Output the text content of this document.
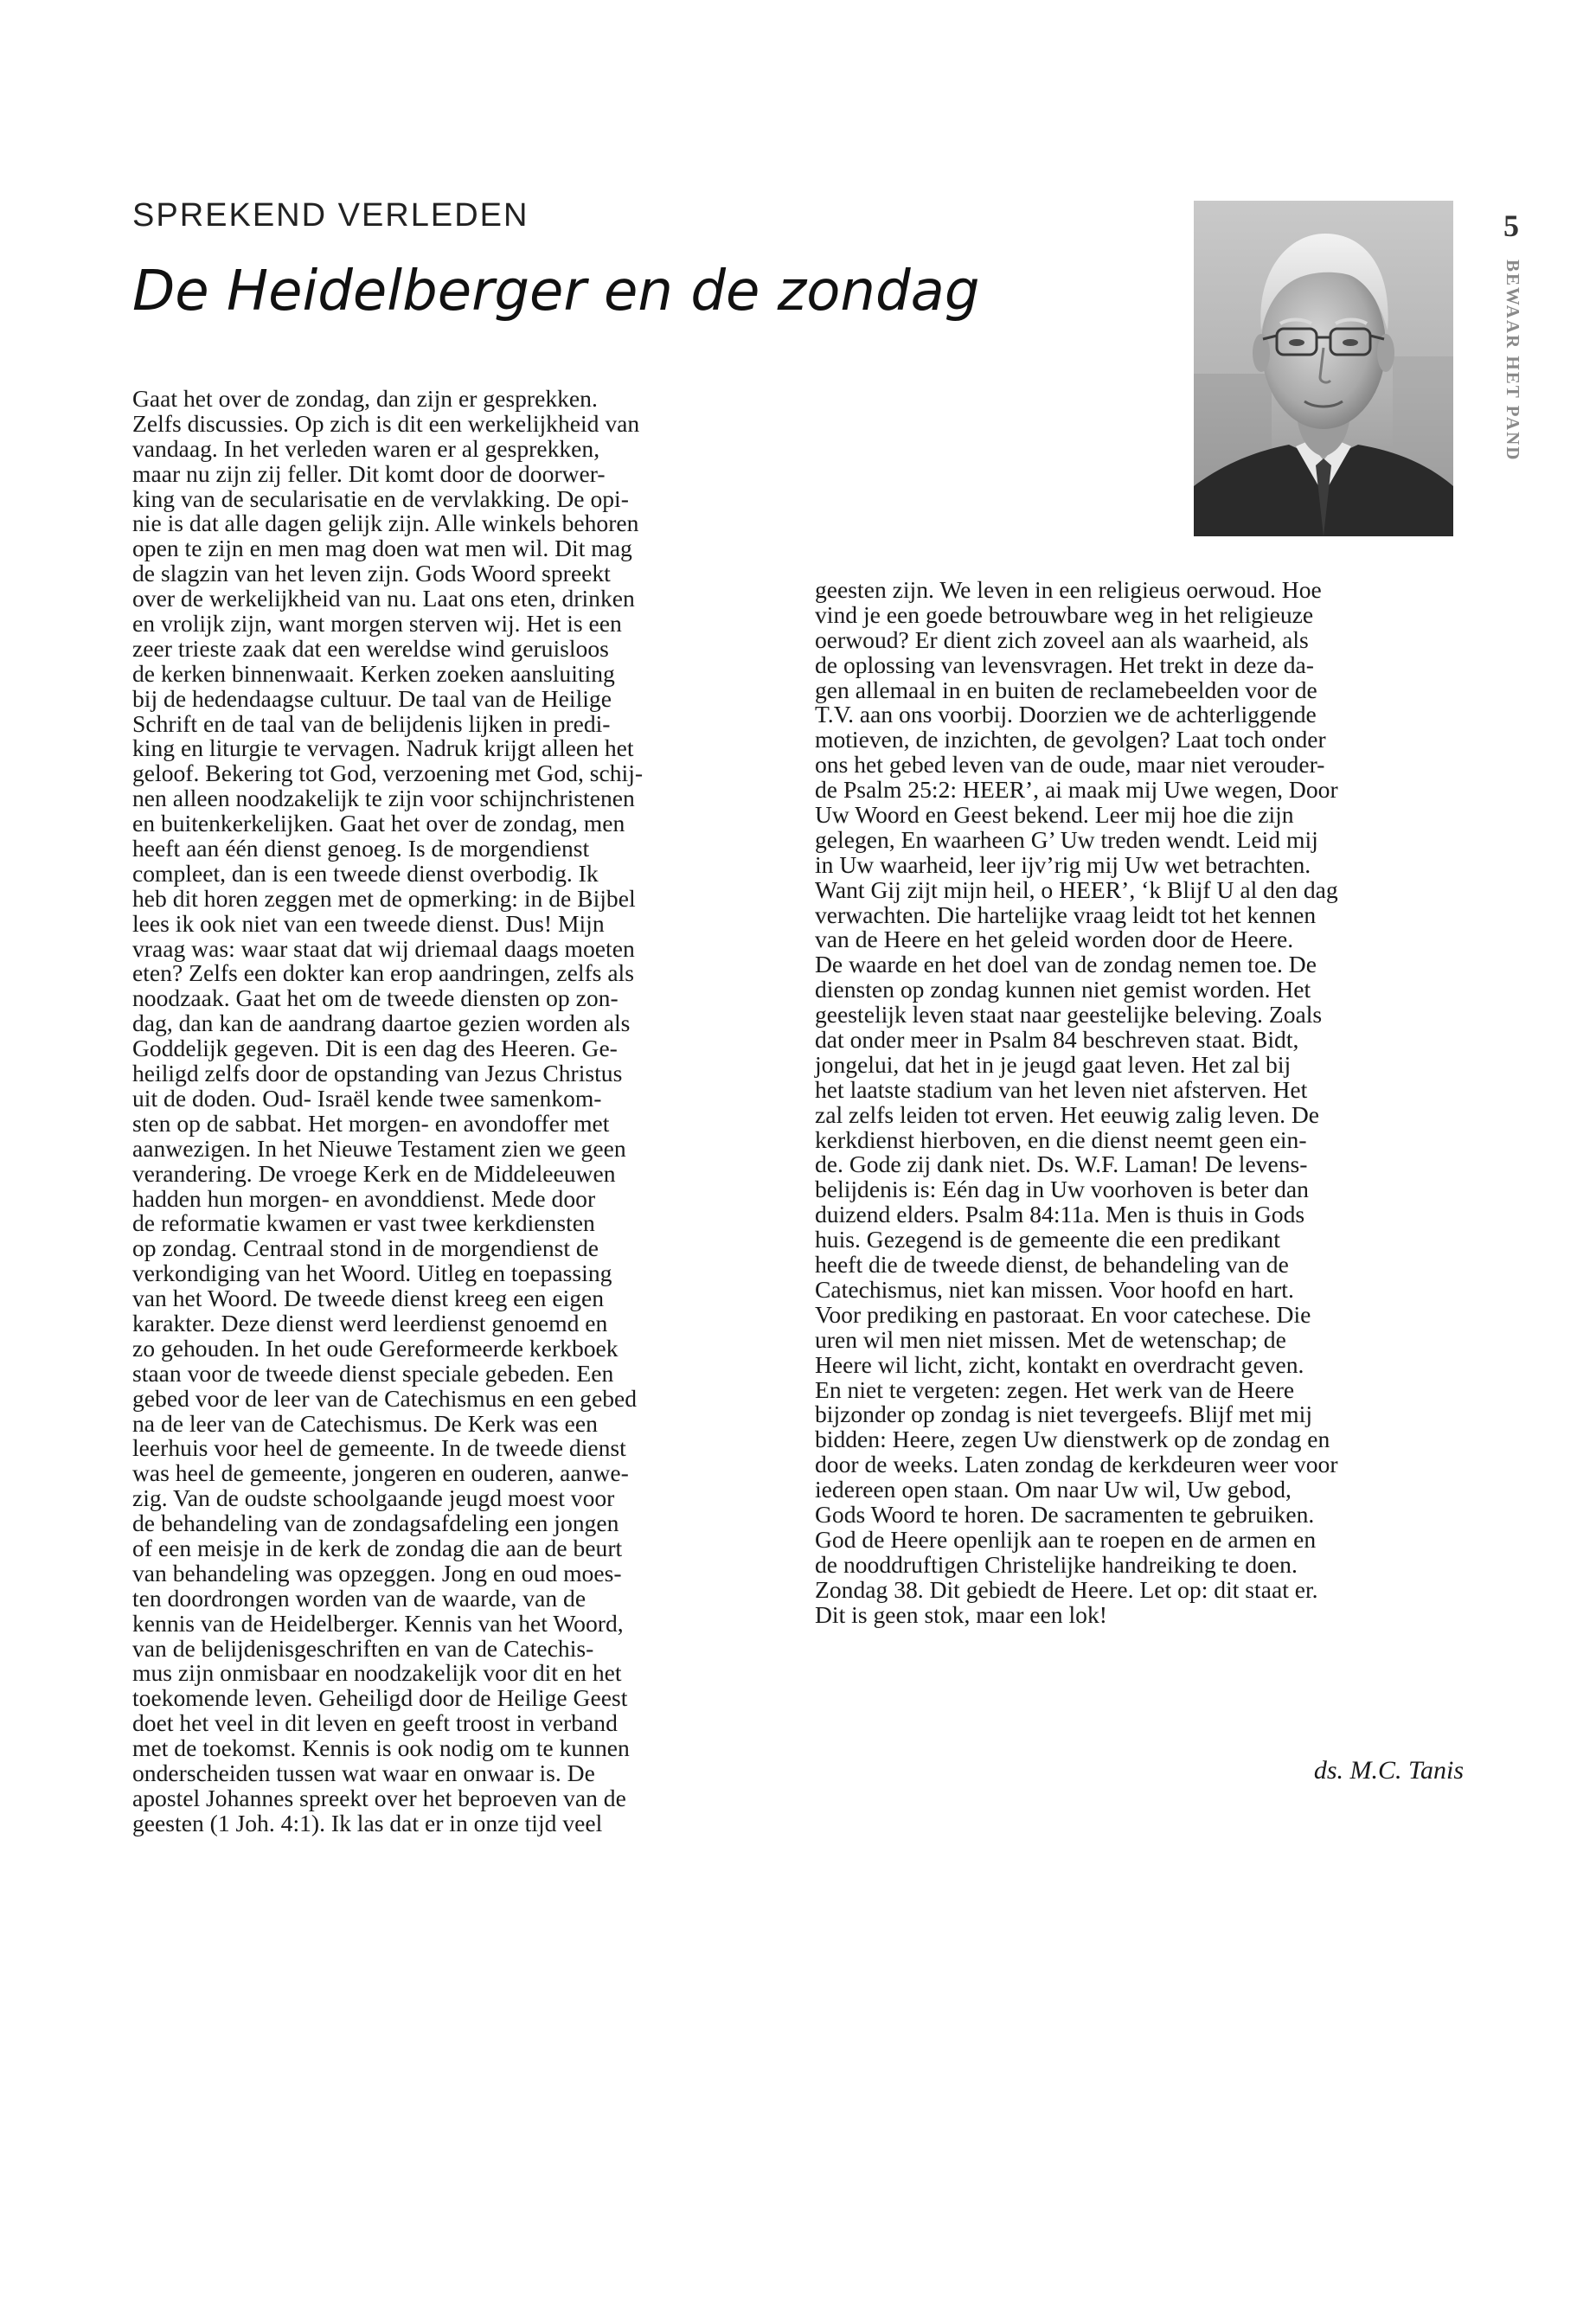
SPREKEND VERLEDEN
De Heidelberger en de zondag
5
BEWAAR HET PAND
Gaat het over de zondag, dan zijn er gesprekken.
Zelfs discussies. Op zich is dit een werkelijkheid van
vandaag. In het verleden waren er al gesprekken,
maar nu zijn zij feller. Dit komt door de doorwer-
king van de secularisatie en de vervlakking. De opi-
nie is dat alle dagen gelijk zijn. Alle winkels behoren
open te zijn en men mag doen wat men wil. Dit mag
de slagzin van het leven zijn. Gods Woord spreekt
over de werkelijkheid van nu. Laat ons eten, drinken
en vrolijk zijn, want morgen sterven wij. Het is een
zeer trieste zaak dat een wereldse wind geruisloos
de kerken binnenwaait. Kerken zoeken aansluiting
bij de hedendaagse cultuur. De taal van de Heilige
Schrift en de taal van de belijdenis lijken in predi-
king en liturgie te vervagen. Nadruk krijgt alleen het
geloof. Bekering tot God, verzoening met God, schij-
nen alleen noodzakelijk te zijn voor schijnchristenen
en buitenkerkelijken. Gaat het over de zondag, men
heeft aan één dienst genoeg. Is de morgendienst
compleet, dan is een tweede dienst overbodig. Ik
heb dit horen zeggen met de opmerking: in de Bijbel
lees ik ook niet van een tweede dienst. Dus! Mijn
vraag was: waar staat dat wij driemaal daags moeten
eten? Zelfs een dokter kan erop aandringen, zelfs als
noodzaak. Gaat het om de tweede diensten op zon-
dag, dan kan de aandrang daartoe gezien worden als
Goddelijk gegeven. Dit is een dag des Heeren. Ge-
heiligd zelfs door de opstanding van Jezus Christus
uit de doden. Oud- Israël kende twee samenkom-
sten op de sabbat. Het morgen- en avondoffer met
aanwezigen. In het Nieuwe Testament zien we geen
verandering. De vroege Kerk en de Middeleeuwen
hadden hun morgen- en avonddienst. Mede door
de reformatie kwamen er vast twee kerkdiensten
op zondag. Centraal stond in de morgendienst de
verkondiging van het Woord. Uitleg en toepassing
van het Woord. De tweede dienst kreeg een eigen
karakter. Deze dienst werd leerdienst genoemd en
zo gehouden. In het oude Gereformeerde kerkboek
staan voor de tweede dienst speciale gebeden. Een
gebed voor de leer van de Catechismus en een gebed
na de leer van de Catechismus. De Kerk was een
leerhuis voor heel de gemeente. In de tweede dienst
was heel de gemeente, jongeren en ouderen, aanwe-
zig. Van de oudste schoolgaande jeugd moest voor
de behandeling van de zondagsafdeling een jongen
of een meisje in de kerk de zondag die aan de beurt
van behandeling was opzeggen. Jong en oud moes-
ten doordrongen worden van de waarde, van de
kennis van de Heidelberger. Kennis van het Woord,
van de belijdenisgeschriften en van de Catechis-
mus zijn onmisbaar en noodzakelijk voor dit en het
toekomende leven. Geheiligd door de Heilige Geest
doet het veel in dit leven en geeft troost in verband
met de toekomst. Kennis is ook nodig om te kunnen
onderscheiden tussen wat waar en onwaar is. De
apostel Johannes spreekt over het beproeven van de
geesten (1 Joh. 4:1). Ik las dat er in onze tijd veel
geesten zijn. We leven in een religieus oerwoud. Hoe
vind je een goede betrouwbare weg in het religieuze
oerwoud? Er dient zich zoveel aan als waarheid, als
de oplossing van levensvragen. Het trekt in deze da-
gen allemaal in en buiten de reclamebeelden voor de
T.V. aan ons voorbij. Doorzien we de achterliggende
motieven, de inzichten, de gevolgen? Laat toch onder
ons het gebed leven van de oude, maar niet verouder-
de Psalm 25:2: HEER’, ai maak mij Uwe wegen, Door
Uw Woord en Geest bekend. Leer mij hoe die zijn
gelegen, En waarheen G’ Uw treden wendt. Leid mij
in Uw waarheid, leer ijv’rig mij Uw wet betrachten.
Want Gij zijt mijn heil, o HEER’, ‘k Blijf U al den dag
verwachten. Die hartelijke vraag leidt tot het kennen
van de Heere en het geleid worden door de Heere.
De waarde en het doel van de zondag nemen toe. De
diensten op zondag kunnen niet gemist worden. Het
geestelijk leven staat naar geestelijke beleving. Zoals
dat onder meer in Psalm 84 beschreven staat. Bidt,
jongelui, dat het in je jeugd gaat leven. Het zal bij
het laatste stadium van het leven niet afsterven. Het
zal zelfs leiden tot erven. Het eeuwig zalig leven. De
kerkdienst hierboven, en die dienst neemt geen ein-
de. Gode zij dank niet. Ds. W.F. Laman! De levens-
belijdenis is: Eén dag in Uw voorhoven is beter dan
duizend elders. Psalm 84:11a. Men is thuis in Gods
huis. Gezegend is de gemeente die een predikant
heeft die de tweede dienst, de behandeling van de
Catechismus, niet kan missen. Voor hoofd en hart.
Voor prediking en pastoraat. En voor catechese. Die
uren wil men niet missen. Met de wetenschap; de
Heere wil licht, zicht, kontakt en overdracht geven.
En niet te vergeten: zegen. Het werk van de Heere
bijzonder op zondag is niet tevergeefs. Blijf met mij
bidden: Heere, zegen Uw dienstwerk op de zondag en
door de weeks. Laten zondag de kerkdeuren weer voor
iedereen open staan. Om naar Uw wil, Uw gebod,
Gods Woord te horen. De sacramenten te gebruiken.
God de Heere openlijk aan te roepen en de armen en
de nooddruftigen Christelijke handreiking te doen.
Zondag 38. Dit gebiedt de Heere. Let op: dit staat er.
Dit is geen stok, maar een lok!
ds. M.C. Tanis
